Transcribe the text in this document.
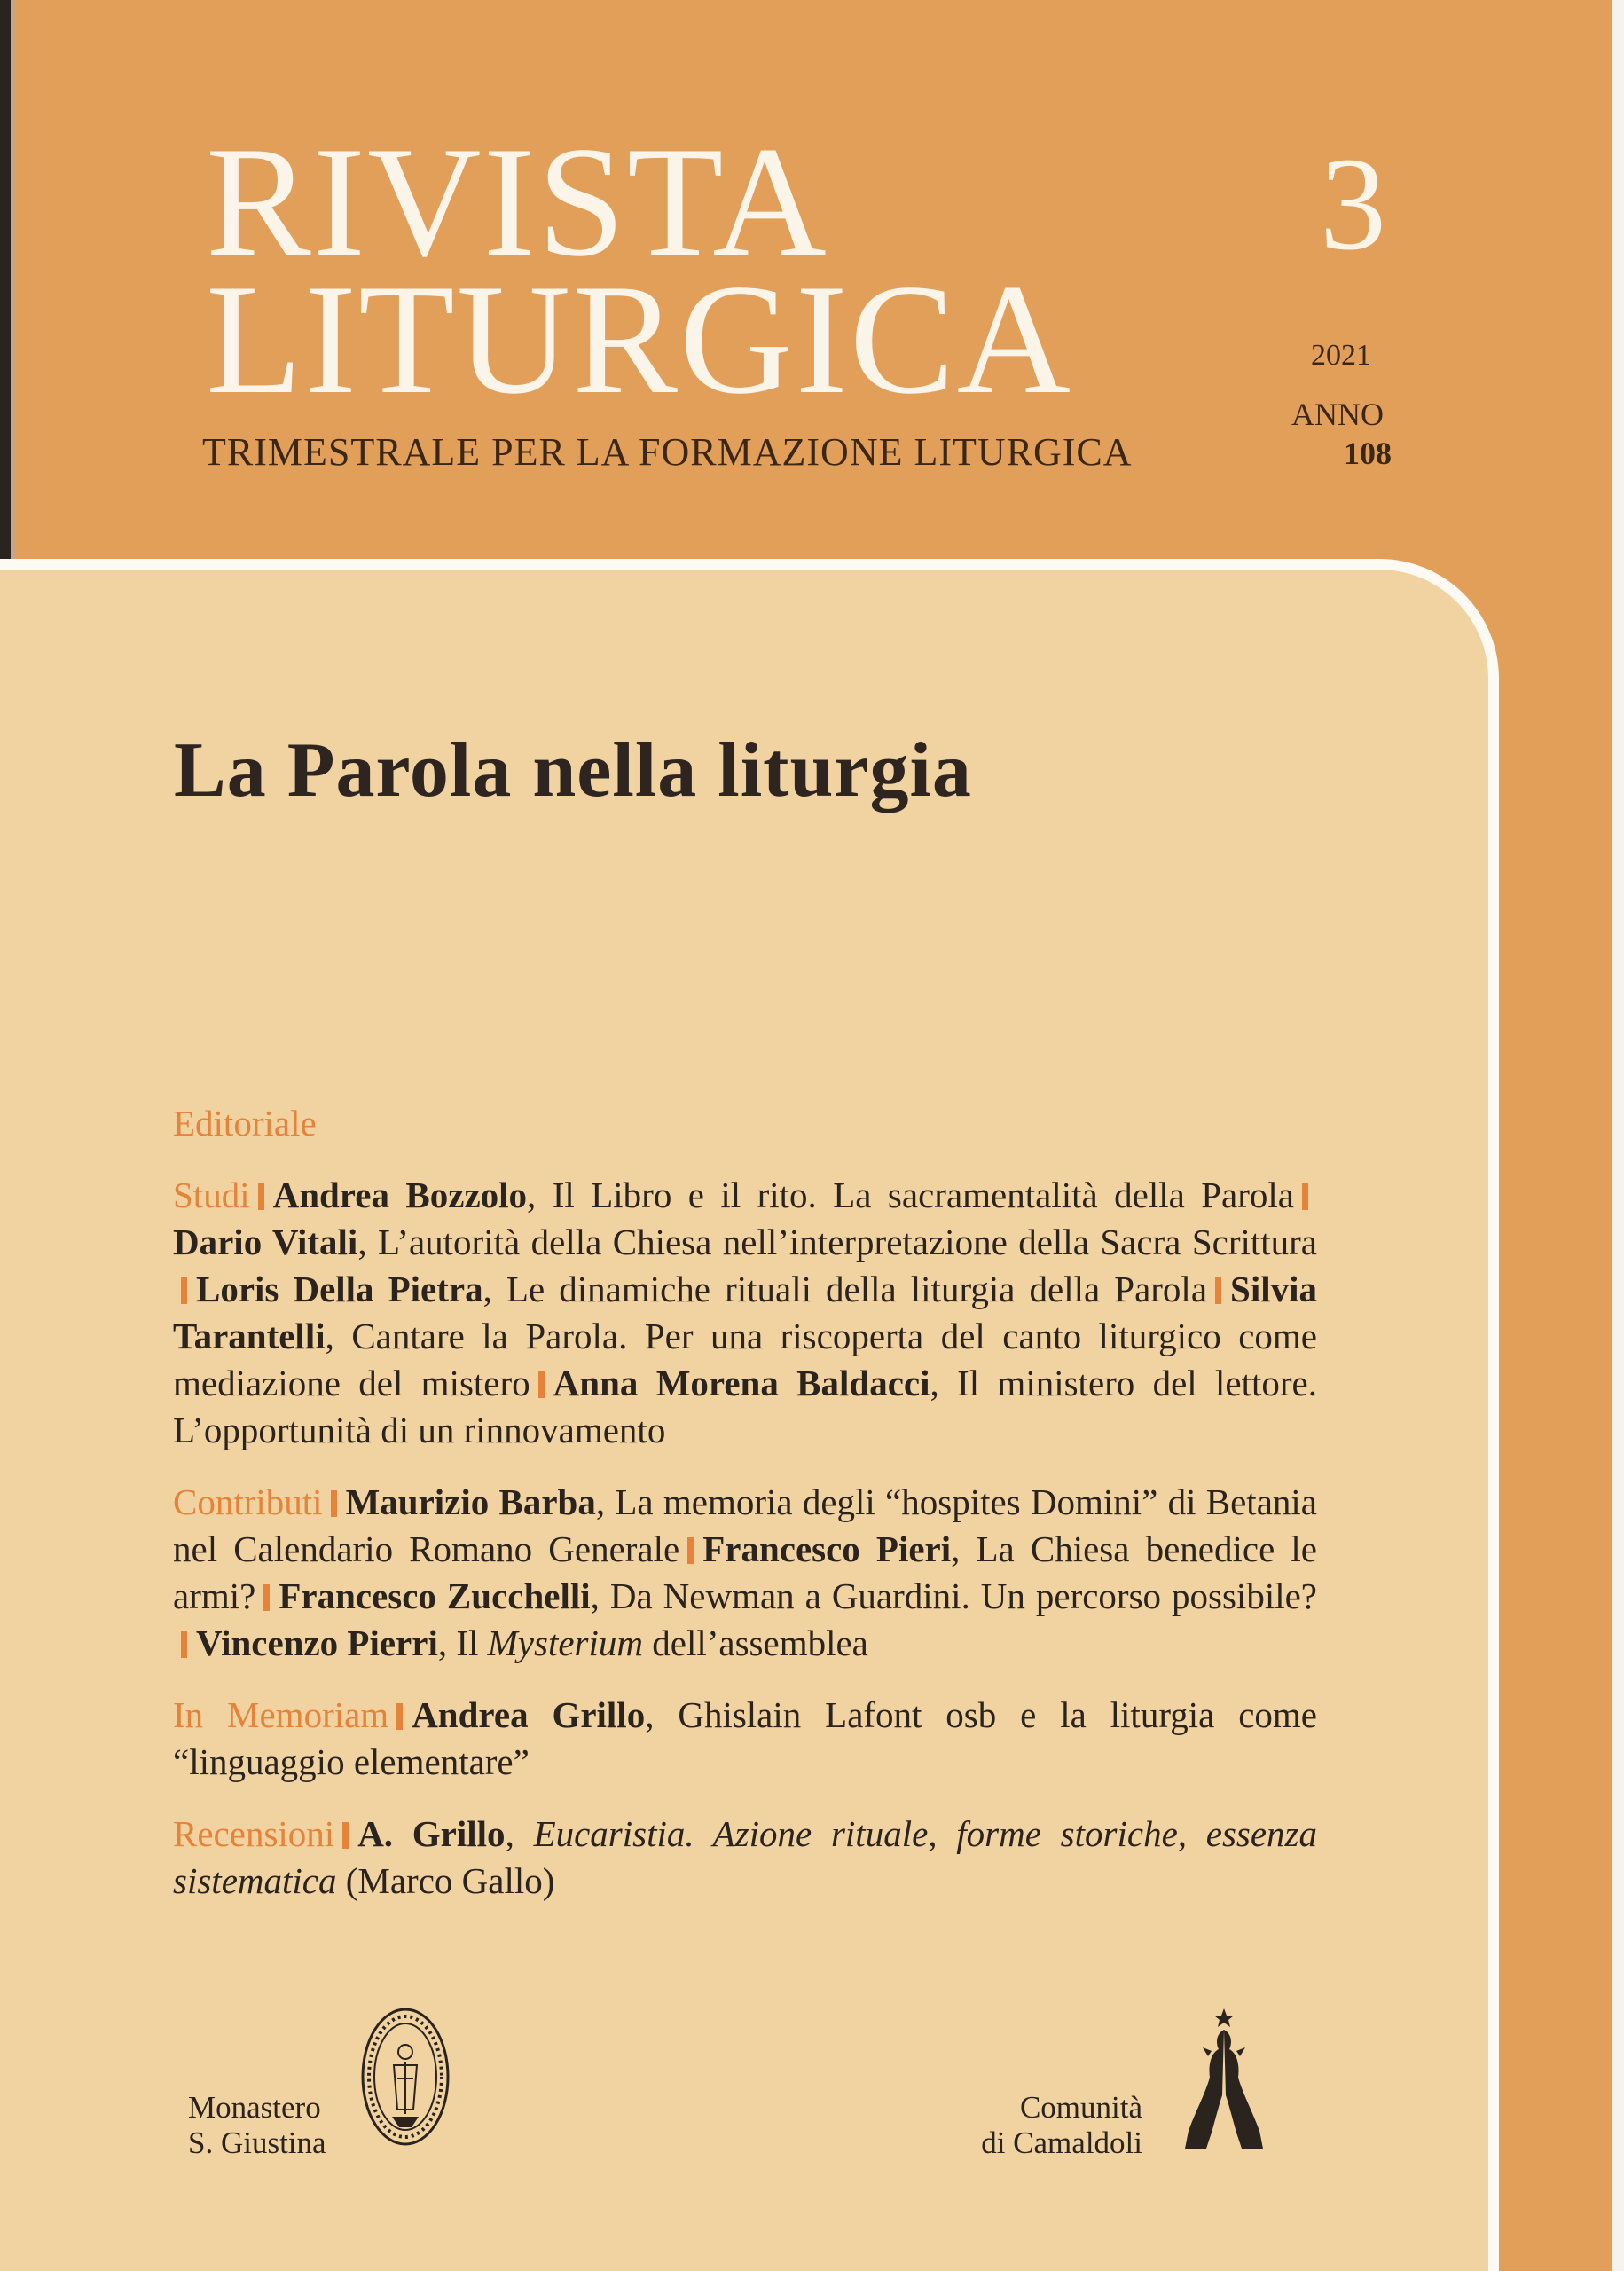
RIVISTA
LITURGICA
TRIMESTRALE PER LA FORMAZIONE LITURGICA
3
2021
ANNO
108
La Parola nella liturgia

Editoriale

Studi Andrea Bozzolo, Il Libro e il rito. La sacramentalità della ParolaDario Vitali, L’autorità della Chiesa nell’interpretazione della Sacra ScritturaLoris Della Pietra, Le dinamiche rituali della liturgia della Parola Silvia Tarantelli, Cantare la Parola. Per una riscoperta del canto liturgico come mediazione del mistero Anna Morena Baldacci, Il ministero del lettore. L’opportunità di un rinnovamento

Contributi Maurizio Barba, La memoria degli “hospites Domini” di Betania nel Calendario Romano Generale Francesco Pieri, La Chiesa benedice le armi? Francesco Zucchelli, Da Newman a Guardini. Un percorso possibile?Vincenzo Pierri, Il Mysterium dell’assemblea

In Memoriam Andrea Grillo, Ghislain Lafont osb e la liturgia come “linguaggio elementare”

Recensioni A. Grillo, Eucaristia. Azione rituale, forme storiche, essenza sistematica (Marco Gallo)

Monastero
S. Giustina
Comunità
di Camaldoli
